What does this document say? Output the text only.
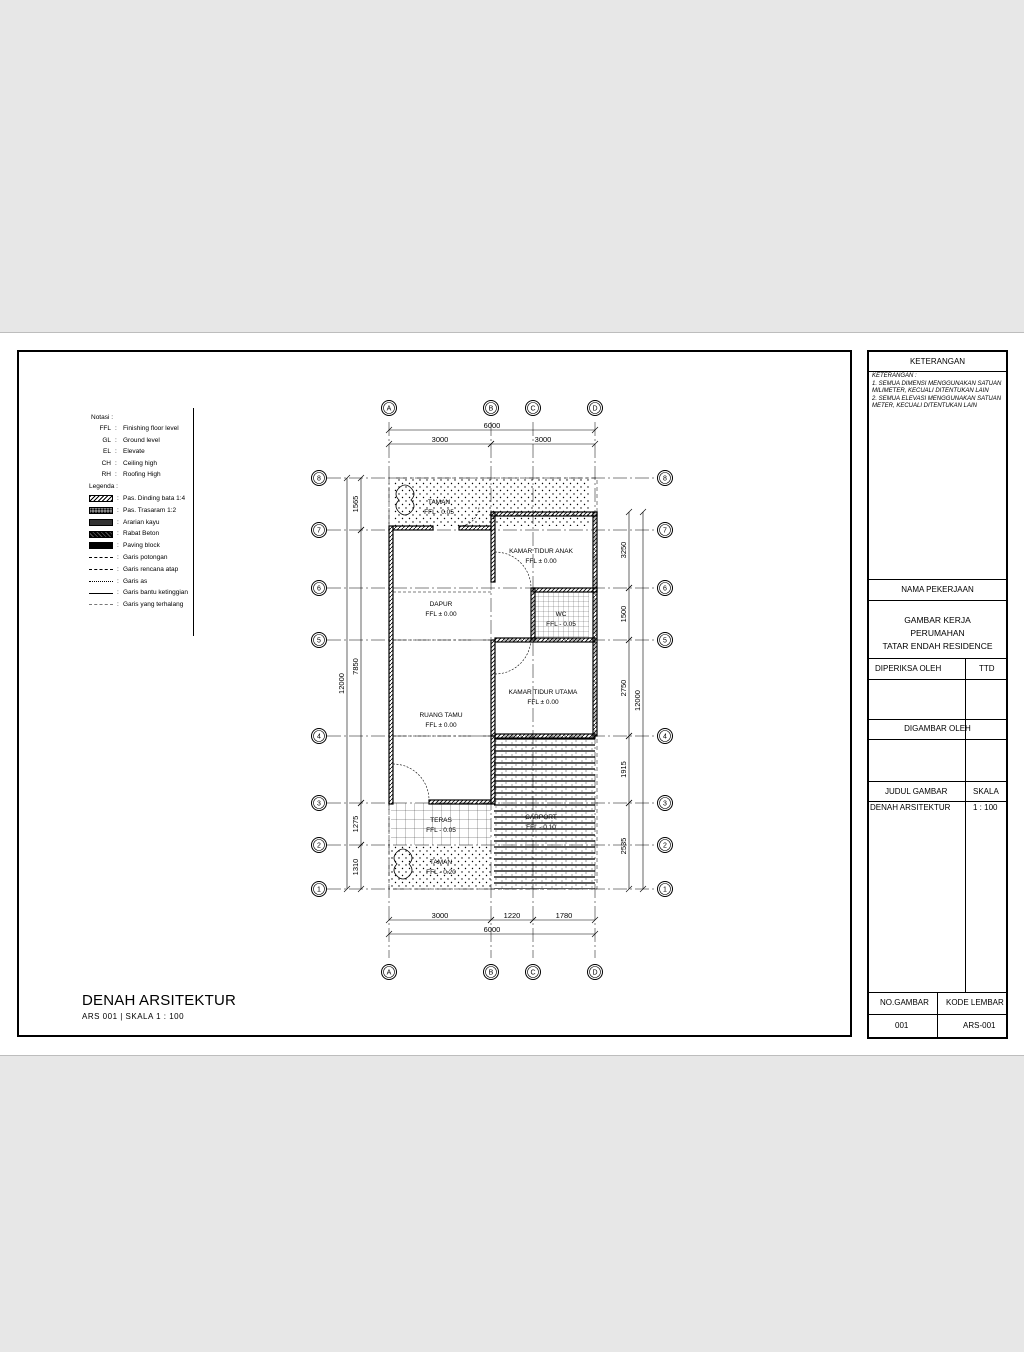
Notasi :
FFL : Finishing floor level
GL : Ground level
EL : Elevate
CH : Ceiling high
RH : Roofing High
Legenda :
: Pas. Dinding bata 1:4
: Pas. Trasaram 1:2
: Ararian kayu
: Rabat Beton
: Paving block
: Garis potongan
: Garis rencana atap
: Garis as
: Garis bantu ketinggian
: Garis yang terhalang
A
A
B
B
C
C
D
D
1	1
2	2
3	3
4	4
5	5
6	6
7	7
8	8
6000
3000	3000
3000	1220	1780
6000
1565
7850
1275
1310
12000
3250
1500
2750
1915
2535
12000
TAMAN
FFL - 0.05
KAMAR TIDUR ANAK
FFL ± 0.00
DAPUR
FFL ± 0.00	WC
FFL - 0.05
KAMAR TIDUR UTAMA
FFL ± 0.00
RUANG TAMU
FFL ± 0.00
TERAS
FFL - 0.05
CARPORT
FFL - 0.10
TAMAN
FFL - 0.20
DENAH ARSITEKTUR
ARS 001 | SKALA 1 : 100
KETERANGAN
KETERANGAN :
1. SEMUA DIMENSI MENGGUNAKAN SATUAN MILIMETER, KECUALI DITENTUKAN LAIN
2. SEMUA ELEVASI MENGGUNAKAN SATUAN METER, KECUALI DITENTUKAN LAIN
NAMA PEKERJAAN
GAMBAR KERJA
PERUMAHAN
TATAR ENDAH RESIDENCE
DIPERIKSA OLEH	TTD
DIGAMBAR OLEH
JUDUL GAMBAR	SKALA
DENAH ARSITEKTUR	1 : 100
NO.GAMBAR KODE LEMBAR
001	ARS-001
